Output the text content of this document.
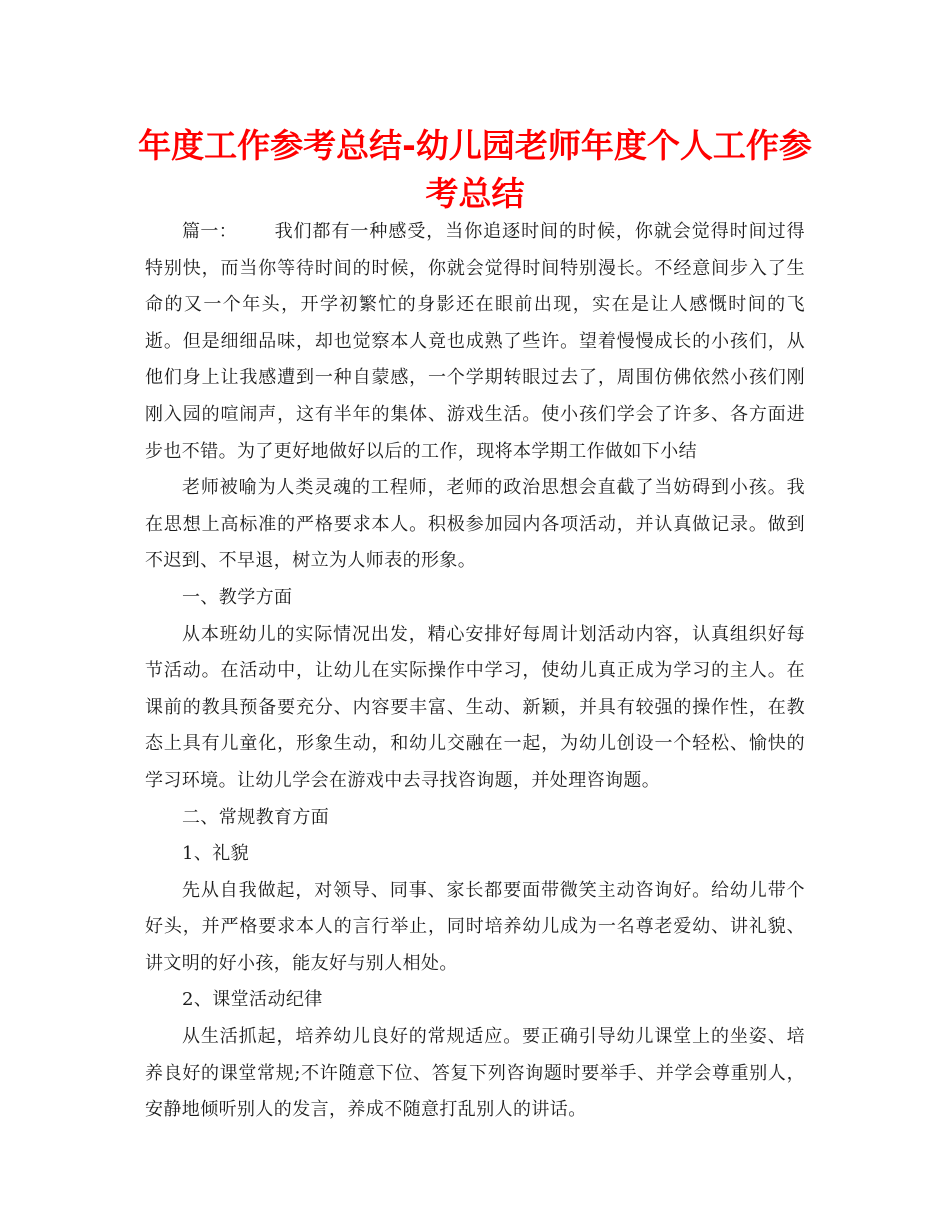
年度工作参考总结-幼儿园老师年度个人工作参考总结

篇一： 我们都有一种感受，当你追逐时间的时候，你就会觉得时间过得特别快，而当你等待时间的时候，你就会觉得时间特别漫长。不经意间步入了生命的又一个年头，开学初繁忙的身影还在眼前出现，实在是让人感慨时间的飞逝。但是细细品味，却也觉察本人竟也成熟了些许。望着慢慢成长的小孩们，从他们身上让我感遭到一种自蒙感，一个学期转眼过去了，周围仿佛依然小孩们刚刚入园的喧闹声，这有半年的集体、游戏生活。使小孩们学会了许多、各方面进步也不错。为了更好地做好以后的工作，现将本学期工作做如下小结

老师被喻为人类灵魂的工程师，老师的政治思想会直截了当妨碍到小孩。我在思想上高标准的严格要求本人。积极参加园内各项活动，并认真做记录。做到不迟到、不早退，树立为人师表的形象。

一、教学方面

从本班幼儿的实际情况出发，精心安排好每周计划活动内容，认真组织好每节活动。在活动中，让幼儿在实际操作中学习，使幼儿真正成为学习的主人。在课前的教具预备要充分、内容要丰富、生动、新颖，并具有较强的操作性，在教态上具有儿童化，形象生动，和幼儿交融在一起，为幼儿创设一个轻松、愉快的学习环境。让幼儿学会在游戏中去寻找咨询题，并处理咨询题。

二、常规教育方面

1、礼貌

先从自我做起，对领导、同事、家长都要面带微笑主动咨询好。给幼儿带个好头，并严格要求本人的言行举止，同时培养幼儿成为一名尊老爱幼、讲礼貌、讲文明的好小孩，能友好与别人相处。

2、课堂活动纪律

从生活抓起，培养幼儿良好的常规适应。要正确引导幼儿课堂上的坐姿、培养良好的课堂常规;不许随意下位、答复下列咨询题时要举手、并学会尊重别人，安静地倾听别人的发言，养成不随意打乱别人的讲话。
